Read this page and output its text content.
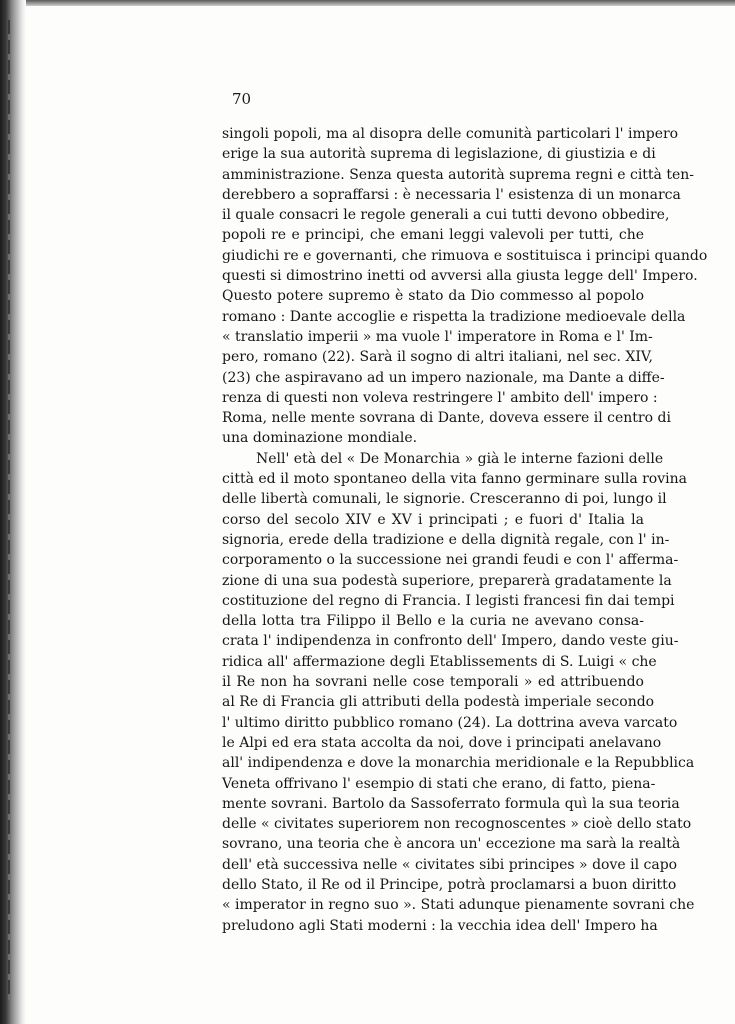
70
singoli popoli, ma al disopra delle comunità particolari l' impero
erige la sua autorità suprema di legislazione, di giustizia e di
amministrazione. Senza questa autorità suprema regni e città ten-
derebbero a sopraffarsi : è necessaria l' esistenza di un monarca
il quale consacri le regole generali a cui tutti devono obbedire,
popoli re e principi, che emani leggi valevoli per tutti, che
giudichi re e governanti, che rimuova e sostituisca i principi quando
questi si dimostrino inetti od avversi alla giusta legge dell' Impero.
Questo potere supremo è stato da Dio commesso al popolo
romano : Dante accoglie e rispetta la tradizione medioevale della
« translatio imperii » ma vuole l' imperatore in Roma e l' Im-
pero, romano (22). Sarà il sogno di altri italiani, nel sec. XIV,
(23) che aspiravano ad un impero nazionale, ma Dante a diffe-
renza di questi non voleva restringere l' ambito dell' impero :
Roma, nelle mente sovrana di Dante, doveva essere il centro di
una dominazione mondiale.
Nell' età del « De Monarchia » già le interne fazioni delle
città ed il moto spontaneo della vita fanno germinare sulla rovina
delle libertà comunali, le signorie. Cresceranno di poi, lungo il
corso del secolo XIV e XV i principati ; e fuori d' Italia la
signoria, erede della tradizione e della dignità regale, con l' in-
corporamento o la successione nei grandi feudi e con l' afferma-
zione di una sua podestà superiore, preparerà gradatamente la
costituzione del regno di Francia. I legisti francesi fin dai tempi
della lotta tra Filippo il Bello e la curia ne avevano consa-
crata l' indipendenza in confronto dell' Impero, dando veste giu-
ridica all' affermazione degli Etablissements di S. Luigi « che
il Re non ha sovrani nelle cose temporali » ed attribuendo
al Re di Francia gli attributi della podestà imperiale secondo
l' ultimo diritto pubblico romano (24). La dottrina aveva varcato
le Alpi ed era stata accolta da noi, dove i principati anelavano
all' indipendenza e dove la monarchia meridionale e la Repubblica
Veneta offrivano l' esempio di stati che erano, di fatto, piena-
mente sovrani. Bartolo da Sassoferrato formula quì la sua teoria
delle « civitates superiorem non recognoscentes » cioè dello stato
sovrano, una teoria che è ancora un' eccezione ma sarà la realtà
dell' età successiva nelle « civitates sibi principes » dove il capo
dello Stato, il Re od il Principe, potrà proclamarsi a buon diritto
« imperator in regno suo ». Stati adunque pienamente sovrani che
preludono agli Stati moderni : la vecchia idea dell' Impero ha
